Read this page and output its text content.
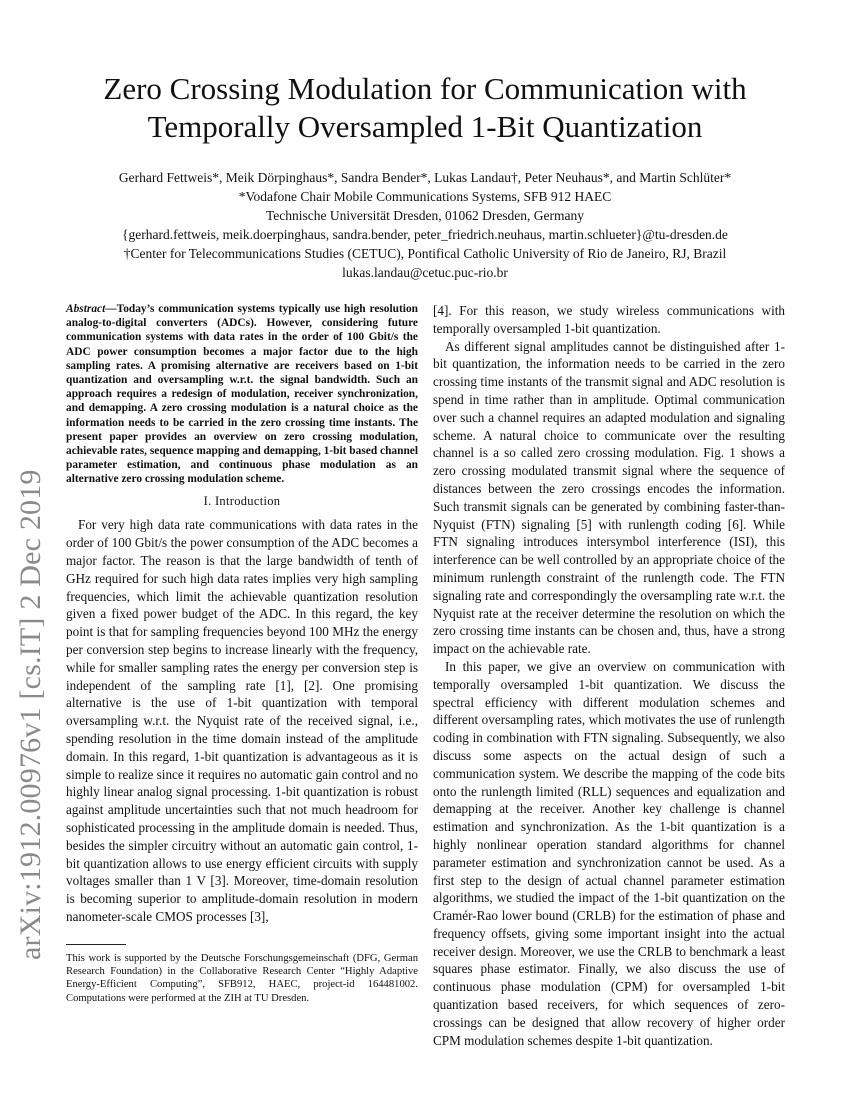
arXiv:1912.00976v1 [cs.IT] 2 Dec 2019
Zero Crossing Modulation for Communication with
Temporally Oversampled 1-Bit Quantization
Gerhard Fettweis*, Meik Dörpinghaus*, Sandra Bender*, Lukas Landau†, Peter Neuhaus*, and Martin Schlüter*
*Vodafone Chair Mobile Communications Systems, SFB 912 HAEC
Technische Universität Dresden, 01062 Dresden, Germany
{gerhard.fettweis, meik.doerpinghaus, sandra.bender, peter_friedrich.neuhaus, martin.schlueter}@tu-dresden.de
†Center for Telecommunications Studies (CETUC), Pontifical Catholic University of Rio de Janeiro, RJ, Brazil
lukas.landau@cetuc.puc-rio.br

Abstract—Today’s communication systems typically use high resolution analog-to-digital converters (ADCs). However, considering future communication systems with data rates in the order of 100 Gbit/s the ADC power consumption becomes a major factor due to the high sampling rates. A promising alternative are receivers based on 1-bit quantization and oversampling w.r.t. the signal bandwidth. Such an approach requires a redesign of modulation, receiver synchronization, and demapping. A zero crossing modulation is a natural choice as the information needs to be carried in the zero crossing time instants. The present paper provides an overview on zero crossing modulation, achievable rates, sequence mapping and demapping, 1-bit based channel parameter estimation, and continuous phase modulation as an alternative zero crossing modulation scheme.

I. Introduction

For very high data rate communications with data rates in the order of 100 Gbit/s the power consumption of the ADC becomes a major factor. The reason is that the large bandwidth of tenth of GHz required for such high data rates implies very high sampling frequencies, which limit the achievable quantization resolution given a fixed power budget of the ADC. In this regard, the key point is that for sampling frequencies beyond 100 MHz the energy per conversion step begins to increase linearly with the frequency, while for smaller sampling rates the energy per conversion step is independent of the sampling rate [1], [2]. One promising alternative is the use of 1-bit quantization with temporal oversampling w.r.t. the Nyquist rate of the received signal, i.e., spending resolution in the time domain instead of the amplitude domain. In this regard, 1-bit quantization is advantageous as it is simple to realize since it requires no automatic gain control and no highly linear analog signal processing. 1-bit quantization is robust against amplitude uncertainties such that not much headroom for sophisticated processing in the amplitude domain is needed. Thus, besides the simpler circuitry without an automatic gain control, 1-bit quantization allows to use energy efficient circuits with supply voltages smaller than 1 V [3]. Moreover, time-domain resolution is becoming superior to amplitude-domain resolution in modern nanometer-scale CMOS processes [3],

This work is supported by the Deutsche Forschungsgemeinschaft (DFG, German Research Foundation) in the Collaborative Research Center “Highly Adaptive Energy-Efficient Computing”, SFB912, HAEC, project-id 164481002. Computations were performed at the ZIH at TU Dresden.

[4]. For this reason, we study wireless communications with temporally oversampled 1-bit quantization.

As different signal amplitudes cannot be distinguished after 1-bit quantization, the information needs to be carried in the zero crossing time instants of the transmit signal and ADC resolution is spend in time rather than in amplitude. Optimal communication over such a channel requires an adapted modulation and signaling scheme. A natural choice to communicate over the resulting channel is a so called zero crossing modulation. Fig. 1 shows a zero crossing modulated transmit signal where the sequence of distances between the zero crossings encodes the information. Such transmit signals can be generated by combining faster-than-Nyquist (FTN) signaling [5] with runlength coding [6]. While FTN signaling introduces intersymbol interference (ISI), this interference can be well controlled by an appropriate choice of the minimum runlength constraint of the runlength code. The FTN signaling rate and correspondingly the oversampling rate w.r.t. the Nyquist rate at the receiver determine the resolution on which the zero crossing time instants can be chosen and, thus, have a strong impact on the achievable rate.

In this paper, we give an overview on communication with temporally oversampled 1-bit quantization. We discuss the spectral efficiency with different modulation schemes and different oversampling rates, which motivates the use of runlength coding in combination with FTN signaling. Subsequently, we also discuss some aspects on the actual design of such a communication system. We describe the mapping of the code bits onto the runlength limited (RLL) sequences and equalization and demapping at the receiver. Another key challenge is channel estimation and synchronization. As the 1-bit quantization is a highly nonlinear operation standard algorithms for channel parameter estimation and synchronization cannot be used. As a first step to the design of actual channel parameter estimation algorithms, we studied the impact of the 1-bit quantization on the Cramér-Rao lower bound (CRLB) for the estimation of phase and frequency offsets, giving some important insight into the actual receiver design. Moreover, we use the CRLB to benchmark a least squares phase estimator. Finally, we also discuss the use of continuous phase modulation (CPM) for oversampled 1-bit quantization based receivers, for which sequences of zero-crossings can be designed that allow recovery of higher order CPM modulation schemes despite 1-bit quantization.
